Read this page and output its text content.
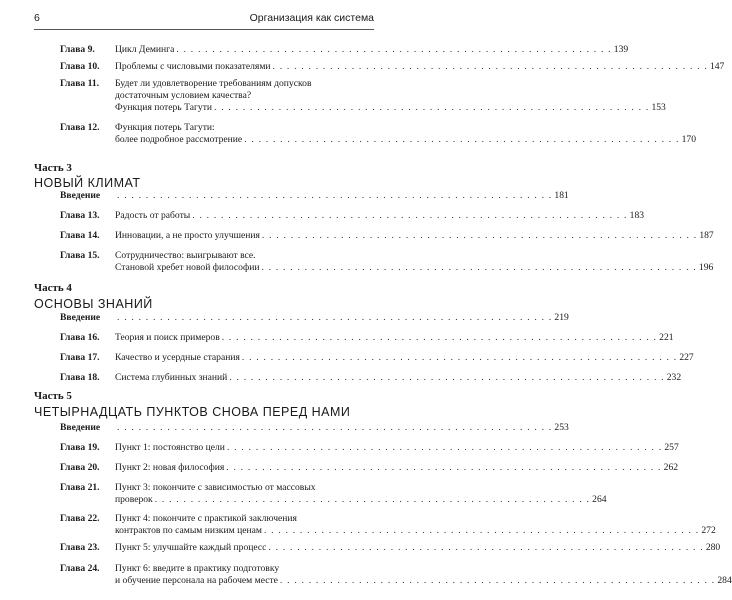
6	Организация как система
Глава 9.	Цикл Деминга . . . . . . . . . . . . . . . . . . . . . . . . . . . . . . . . . . . . . . . . . . . . . . . . . . . . . . . . . . . . . 139
Глава 10.	Проблемы с числовыми показателями . . . . . . . . . . . . . . . . . . . . . . . . . . . . . . . . . . . . . . . . . . . . . . . . . . . . . . . . . . . . . 147
Глава 11.	Будет ли удовлетворение требованиям допусков
достаточным условием качества?
Функция потерь Тагути . . . . . . . . . . . . . . . . . . . . . . . . . . . . . . . . . . . . . . . . . . . . . . . . . . . . . . . . . . . . . 153
Глава 12.	Функция потерь Тагути:
более подробное рассмотрение . . . . . . . . . . . . . . . . . . . . . . . . . . . . . . . . . . . . . . . . . . . . . . . . . . . . . . . . . . . . . 170
Часть 3
НОВЫЙ КЛИМАТ
Введение	. . . . . . . . . . . . . . . . . . . . . . . . . . . . . . . . . . . . . . . . . . . . . . . . . . . . . . . . . . . . . 181
Глава 13.	Радость от работы . . . . . . . . . . . . . . . . . . . . . . . . . . . . . . . . . . . . . . . . . . . . . . . . . . . . . . . . . . . . . 183
Глава 14.	Инновации, а не просто улучшения . . . . . . . . . . . . . . . . . . . . . . . . . . . . . . . . . . . . . . . . . . . . . . . . . . . . . . . . . . . . . 187
Глава 15.	Сотрудничество: выигрывают все.
Становой хребет новой философии . . . . . . . . . . . . . . . . . . . . . . . . . . . . . . . . . . . . . . . . . . . . . . . . . . . . . . . . . . . . . 196
Часть 4
ОСНОВЫ ЗНАНИЙ
Введение	. . . . . . . . . . . . . . . . . . . . . . . . . . . . . . . . . . . . . . . . . . . . . . . . . . . . . . . . . . . . . 219
Глава 16.	Теория и поиск примеров . . . . . . . . . . . . . . . . . . . . . . . . . . . . . . . . . . . . . . . . . . . . . . . . . . . . . . . . . . . . . 221
Глава 17.	Качество и усердные старания . . . . . . . . . . . . . . . . . . . . . . . . . . . . . . . . . . . . . . . . . . . . . . . . . . . . . . . . . . . . . 227
Глава 18.	Система глубинных знаний . . . . . . . . . . . . . . . . . . . . . . . . . . . . . . . . . . . . . . . . . . . . . . . . . . . . . . . . . . . . . 232
Часть 5
ЧЕТЫРНАДЦАТЬ ПУНКТОВ СНОВА ПЕРЕД НАМИ
Введение	. . . . . . . . . . . . . . . . . . . . . . . . . . . . . . . . . . . . . . . . . . . . . . . . . . . . . . . . . . . . . 253
Глава 19.	Пункт 1: постоянство цели . . . . . . . . . . . . . . . . . . . . . . . . . . . . . . . . . . . . . . . . . . . . . . . . . . . . . . . . . . . . . 257
Глава 20.	Пункт 2: новая философия . . . . . . . . . . . . . . . . . . . . . . . . . . . . . . . . . . . . . . . . . . . . . . . . . . . . . . . . . . . . . 262
Глава 21.	Пункт 3: покончите с зависимостью от массовых
проверок . . . . . . . . . . . . . . . . . . . . . . . . . . . . . . . . . . . . . . . . . . . . . . . . . . . . . . . . . . . . . 264
Глава 22.	Пункт 4: покончите с практикой заключения
контрактов по самым низким ценам . . . . . . . . . . . . . . . . . . . . . . . . . . . . . . . . . . . . . . . . . . . . . . . . . . . . . . . . . . . . . 272
Глава 23.	Пункт 5: улучшайте каждый процесс . . . . . . . . . . . . . . . . . . . . . . . . . . . . . . . . . . . . . . . . . . . . . . . . . . . . . . . . . . . . . 280
Глава 24.	Пункт 6: введите в практику подготовку
и обучение персонала на рабочем месте . . . . . . . . . . . . . . . . . . . . . . . . . . . . . . . . . . . . . . . . . . . . . . . . . . . . . . . . . . . . . 284
